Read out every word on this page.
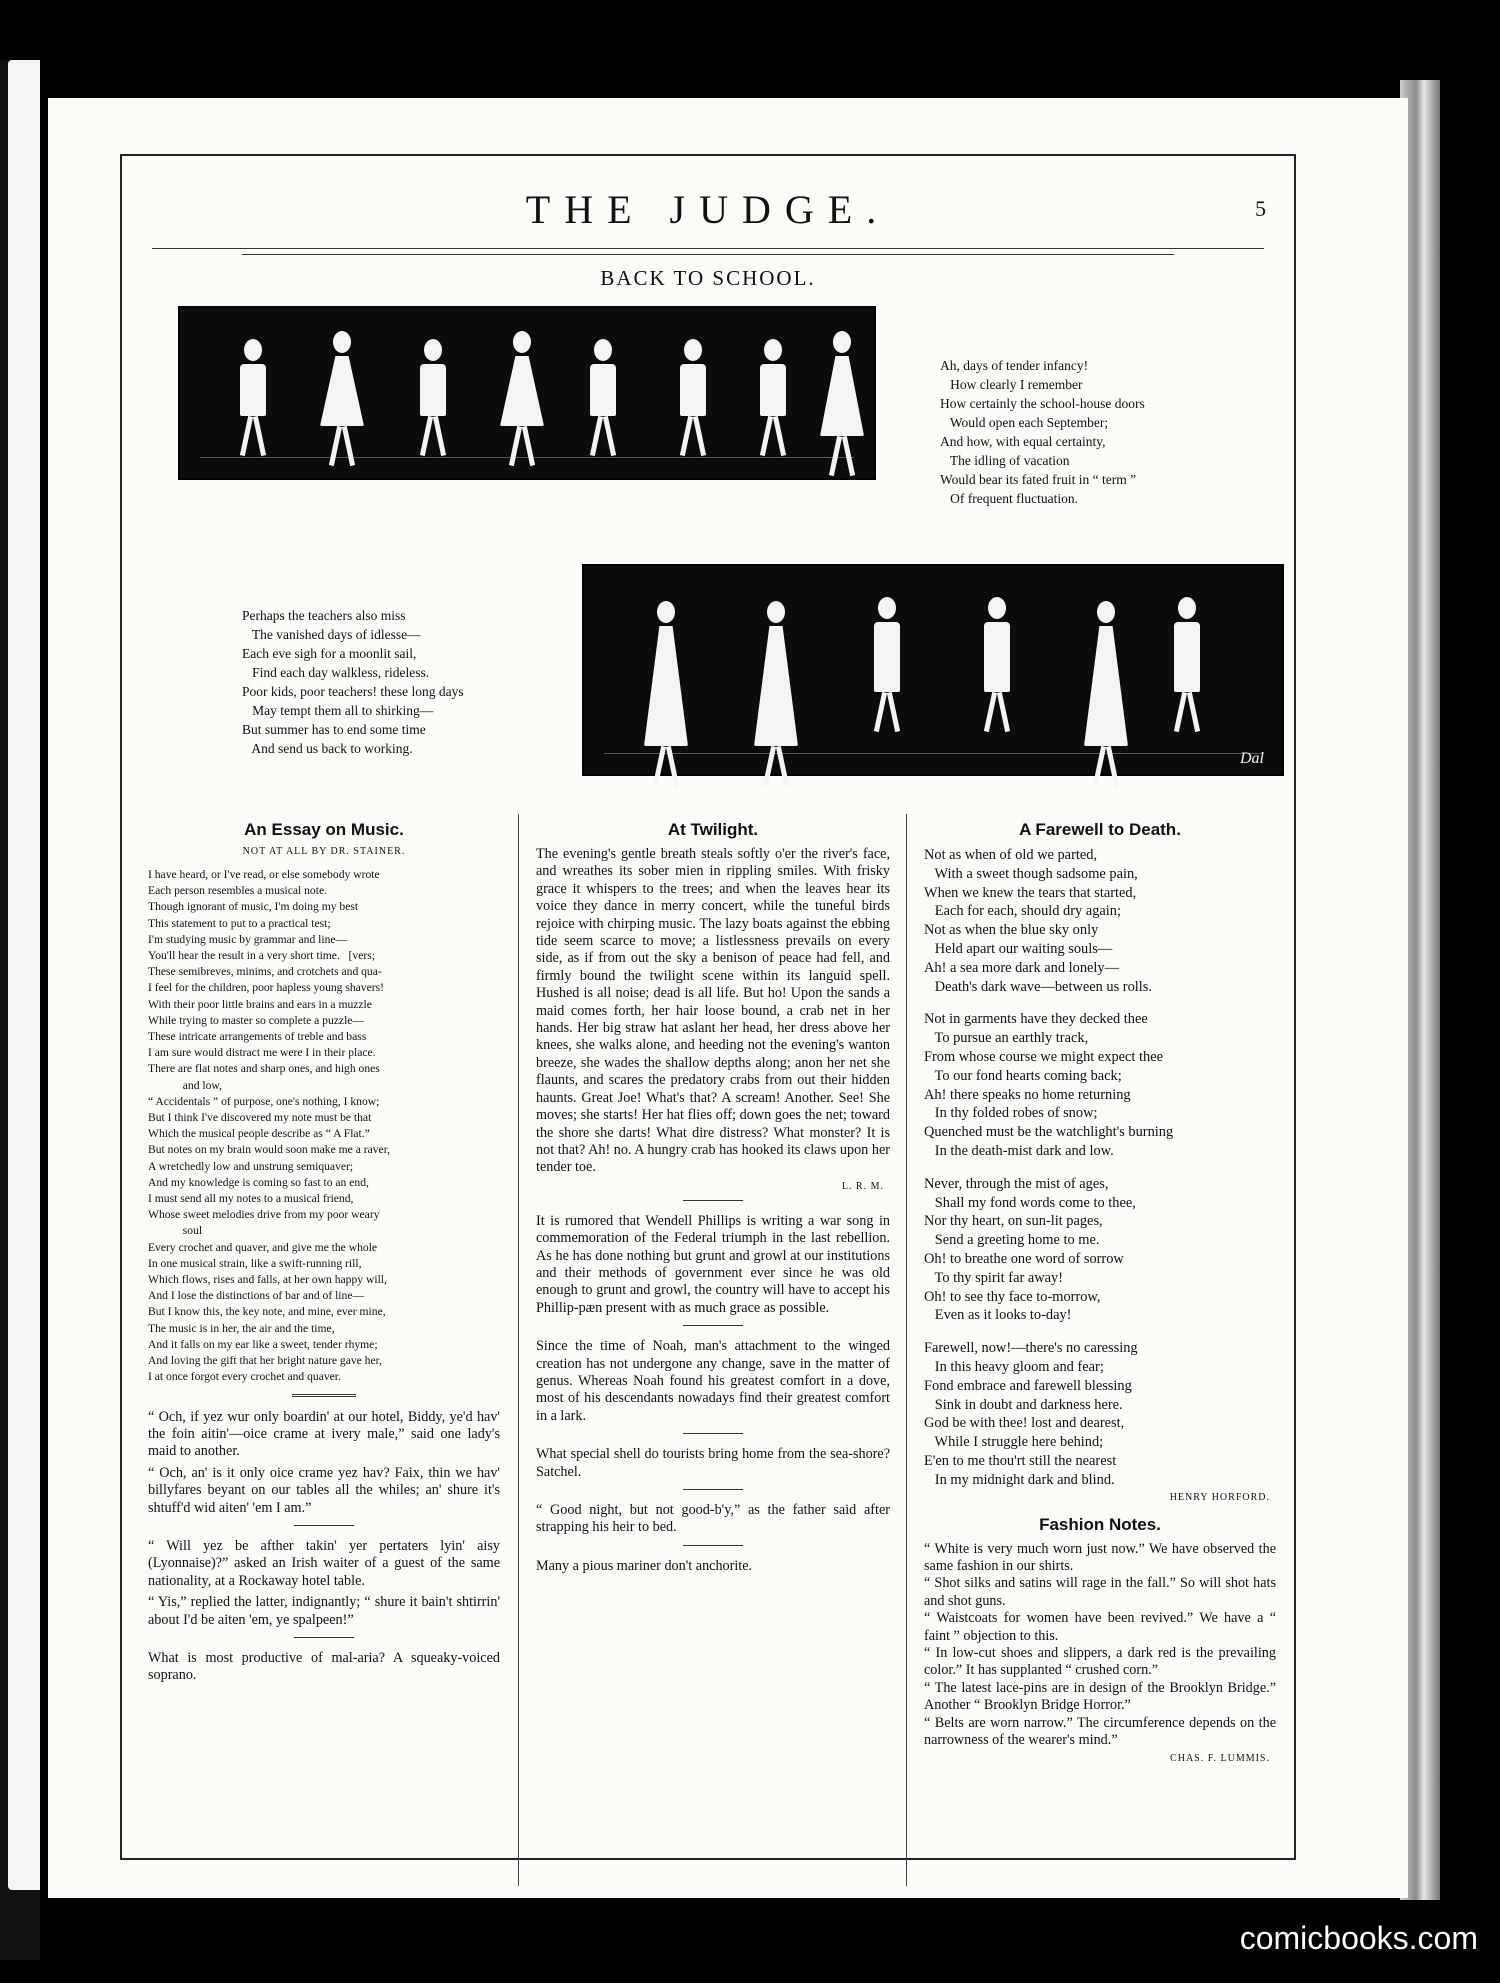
THE JUDGE.	5
BACK TO SCHOOL.
Ah, days of tender infancy!
How clearly I remember
How certainly the school-house doors
Would open each September;
And how, with equal certainty,
The idling of vacation
Would bear its fated fruit in “ term ”
Of frequent fluctuation.
Perhaps the teachers also miss
The vanished days of idlesse—
Each eve sigh for a moonlit sail,
Find each day walkless, rideless.
Poor kids, poor teachers! these long days
May tempt them all to shirking—
But summer has to end some time
And send us back to working.
Dal
An Essay on Music.
NOT AT ALL BY DR. STAINER.
I have heard, or I've read, or else somebody wrote
Each person resembles a musical note.
Though ignorant of music, I'm doing my best
This statement to put to a practical test;
I'm studying music by grammar and line—
You'll hear the result in a very short time.   [vers;
These semibreves, minims, and crotchets and qua-
I feel for the children, poor hapless young shavers!
With their poor little brains and ears in a muzzle
While trying to master so complete a puzzle—
These intricate arrangements of treble and bass
I am sure would distract me were I in their place.
There are flat notes and sharp ones, and high ones
and low,
“ Accidentals ” of purpose, one's nothing, I know;
But I think I've discovered my note must be that
Which the musical people describe as “ A Flat.”
But notes on my brain would soon make me a raver,
A wretchedly low and unstrung semiquaver;
And my knowledge is coming so fast to an end,
I must send all my notes to a musical friend,
Whose sweet melodies drive from my poor weary
soul
Every crochet and quaver, and give me the whole
In one musical strain, like a swift-running rill,
Which flows, rises and falls, at her own happy will,
And I lose the distinctions of bar and of line—
But I know this, the key note, and mine, ever mine,
The music is in her, the air and the time,
And it falls on my ear like a sweet, tender rhyme;
And loving the gift that her bright nature gave her,
I at once forgot every crochet and quaver.

“ Och, if yez wur only boardin' at our hotel, Biddy, ye'd hav' the foin aitin'—oice crame at ivery male,” said one lady's maid to another.

“ Och, an' is it only oice crame yez hav? Faix, thin we hav' billyfares beyant on our tables all the whiles; an' shure it's shtuff'd wid aiten' 'em I am.”

“ Will yez be afther takin' yer pertaters lyin' aisy (Lyonnaise)?” asked an Irish waiter of a guest of the same nationality, at a Rockaway hotel table.

“ Yis,” replied the latter, indignantly; “ shure it bain't shtirrin' about I'd be aiten 'em, ye spalpeen!”

What is most productive of mal-aria? A squeaky-voiced soprano.

At Twilight.

The evening's gentle breath steals softly o'er the river's face, and wreathes its sober mien in rippling smiles. With frisky grace it whispers to the trees; and when the leaves hear its voice they dance in merry concert, while the tuneful birds rejoice with chirping music. The lazy boats against the ebbing tide seem scarce to move; a listlessness prevails on every side, as if from out the sky a benison of peace had fell, and firmly bound the twilight scene within its languid spell. Hushed is all noise; dead is all life. But ho! Upon the sands a maid comes forth, her hair loose bound, a crab net in her hands. Her big straw hat aslant her head, her dress above her knees, she walks alone, and heeding not the evening's wanton breeze, she wades the shallow depths along; anon her net she flaunts, and scares the predatory crabs from out their hidden haunts. Great Joe! What's that? A scream! Another. See! She moves; she starts! Her hat flies off; down goes the net; toward the shore she darts! What dire distress? What monster? It is not that? Ah! no. A hungry crab has hooked its claws upon her tender toe.

L. R. M.

It is rumored that Wendell Phillips is writing a war song in commemoration of the Federal triumph in the last rebellion. As he has done nothing but grunt and growl at our institutions and their methods of government ever since he was old enough to grunt and growl, the country will have to accept his Phillip-pæn present with as much grace as possible.

Since the time of Noah, man's attachment to the winged creation has not undergone any change, save in the matter of genus. Whereas Noah found his greatest comfort in a dove, most of his descendants nowadays find their greatest comfort in a lark.

What special shell do tourists bring home from the sea-shore? Satchel.

“ Good night, but not good-b'y,” as the father said after strapping his heir to bed.

Many a pious mariner don't anchorite.

A Farewell to Death.
Not as when of old we parted,
With a sweet though sadsome pain,
When we knew the tears that started,
Each for each, should dry again;
Not as when the blue sky only
Held apart our waiting souls—
Ah! a sea more dark and lonely—
Death's dark wave—between us rolls.
Not in garments have they decked thee
To pursue an earthly track,
From whose course we might expect thee
To our fond hearts coming back;
Ah! there speaks no home returning
In thy folded robes of snow;
Quenched must be the watchlight's burning
In the death-mist dark and low.
Never, through the mist of ages,
Shall my fond words come to thee,
Nor thy heart, on sun-lit pages,
Send a greeting home to me.
Oh! to breathe one word of sorrow
To thy spirit far away!
Oh! to see thy face to-morrow,
Even as it looks to-day!
Farewell, now!—there's no caressing
In this heavy gloom and fear;
Fond embrace and farewell blessing
Sink in doubt and darkness here.
God be with thee! lost and dearest,
While I struggle here behind;
E'en to me thou'rt still the nearest
In my midnight dark and blind.
HENRY HORFORD.
Fashion Notes.

“ White is very much worn just now.” We have observed the same fashion in our shirts.
“ Shot silks and satins will rage in the fall.” So will shot hats and shot guns.
“ Waistcoats for women have been revived.” We have a “ faint ” objection to this.
“ In low-cut shoes and slippers, a dark red is the prevailing color.” It has supplanted “ crushed corn.”
“ The latest lace-pins are in design of the Brooklyn Bridge.” Another “ Brooklyn Bridge Horror.”
“ Belts are worn narrow.” The circumference depends on the narrowness of the wearer's mind.”

CHAS. F. LUMMIS.
comicbooks.com
